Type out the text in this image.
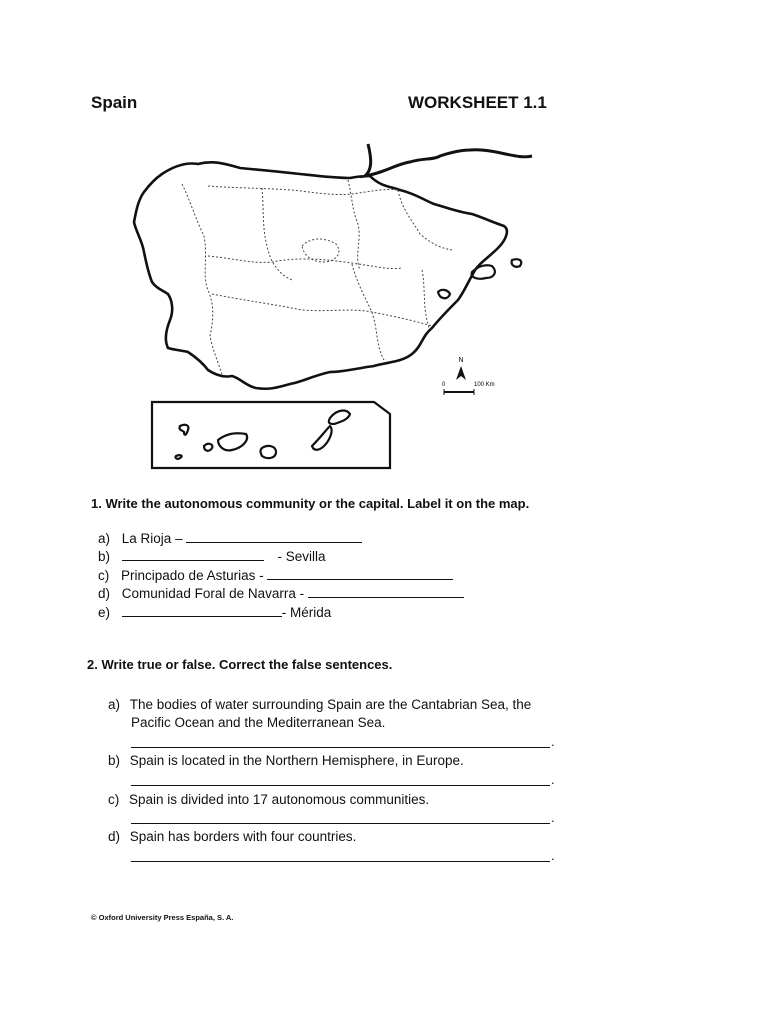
Spain	WORKSHEET 1.1
N
0	100 Km
1. Write the autonomous community or the capital. Label it on the map.
a) La Rioja –
b)	- Sevilla
c) Principado de Asturias -
d) Comunidad Foral de Navarra -
e)	- Mérida
2. Write true or false. Correct the false sentences.
a) The bodies of water surrounding Spain are the Cantabrian Sea, the
Pacific Ocean and the Mediterranean Sea.
.
b) Spain is located in the Northern Hemisphere, in Europe.
.
c) Spain is divided into 17 autonomous communities.
.
d) Spain has borders with four countries.
.
© Oxford University Press España, S. A.
